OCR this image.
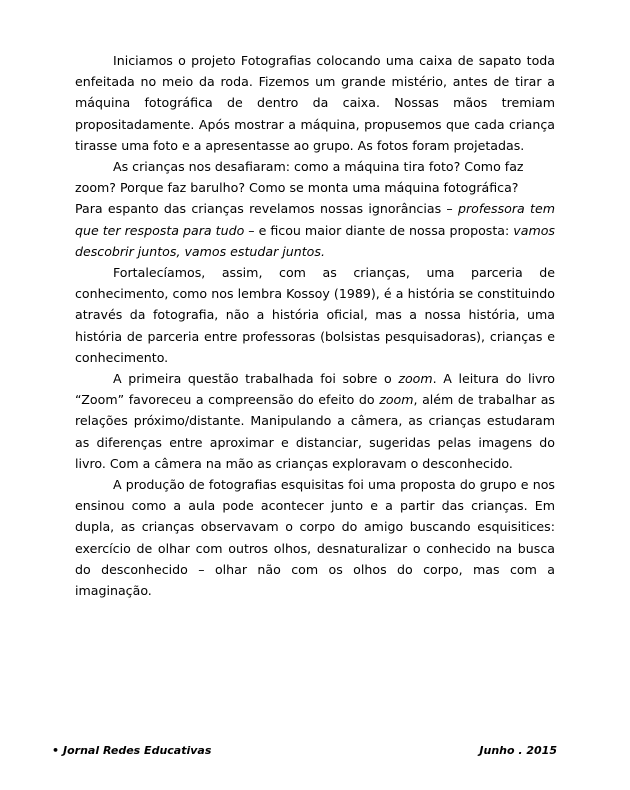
Iniciamos o projeto Fotografias colocando uma caixa de sapato toda enfeitada no meio da roda. Fizemos um grande mistério, antes de tirar a máquina fotográfica de dentro da caixa. Nossas mãos tremiam propositadamente. Após mostrar a máquina, propusemos que cada criança tirasse uma foto e a apresentasse ao grupo. As fotos foram projetadas.

As crianças nos desafiaram: como a máquina tira foto? Como faz zoom? Porque faz barulho? Como se monta uma máquina fotográfica?

Para espanto das crianças revelamos nossas ignorâncias – professora tem que ter resposta para tudo – e ficou maior diante de nossa proposta: vamos descobrir juntos, vamos estudar juntos.

Fortalecíamos, assim, com as crianças, uma parceria de conhecimento, como nos lembra Kossoy (1989), é a história se constituindo através da fotografia, não a história oficial, mas a nossa história, uma história de parceria entre professoras (bolsistas pesquisadoras), crianças e conhecimento.

A primeira questão trabalhada foi sobre o zoom. A leitura do livro “Zoom” favoreceu a compreensão do efeito do zoom, além de trabalhar as relações próximo/distante. Manipulando a câmera, as crianças estudaram as diferenças entre aproximar e distanciar, sugeridas pelas imagens do livro. Com a câmera na mão as crianças exploravam o desconhecido.

A produção de fotografias esquisitas foi uma proposta do grupo e nos ensinou como a aula pode acontecer junto e a partir das crianças. Em dupla, as crianças observavam o corpo do amigo buscando esquisitices: exercício de olhar com outros olhos, desnaturalizar o conhecido na busca do desconhecido – olhar não com os olhos do corpo, mas com a imaginação.

• Jornal Redes Educativas	Junho . 2015
